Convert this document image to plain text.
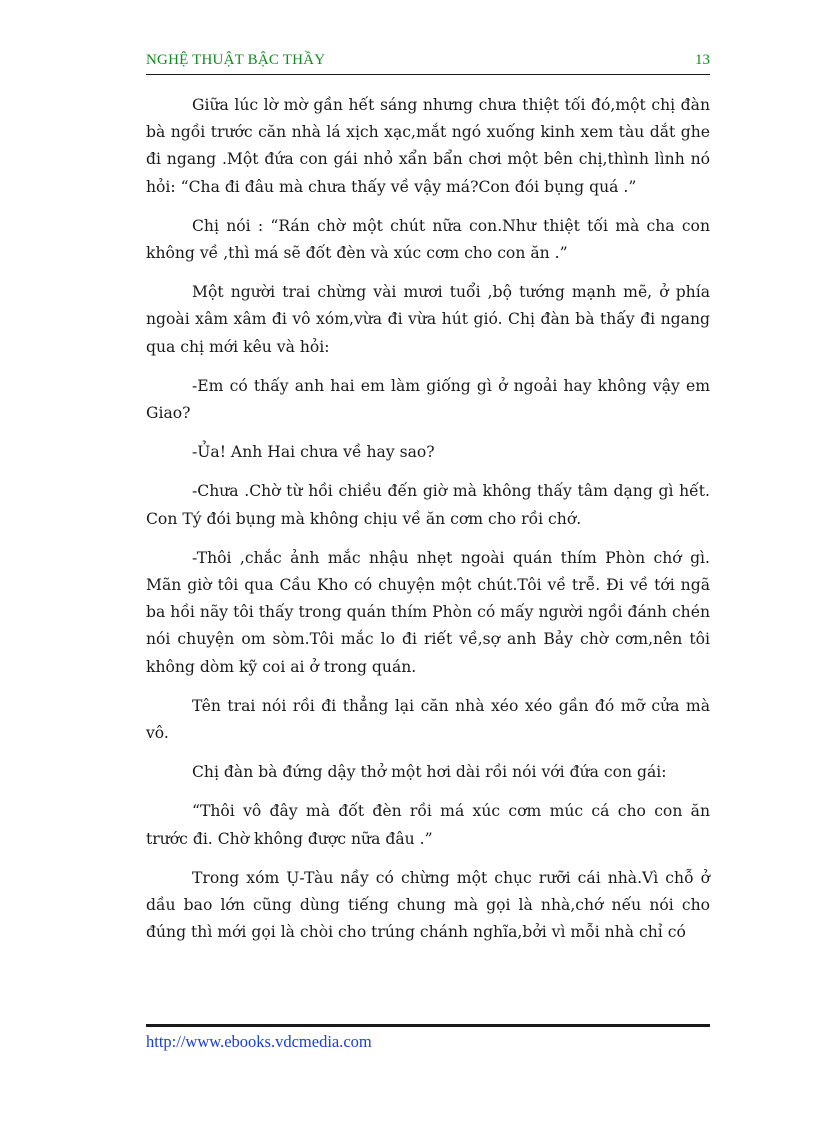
NGHỆ THUẬT BẬC THẦY	13

Giữa lúc lờ mờ gần hết sáng nhưng chưa thiệt tối đó,một chị đàn bà ngồi trước căn nhà lá xịch xạc,mắt ngó xuống kinh xem tàu dắt ghe đi ngang .Một đứa con gái nhỏ xẩn bẩn chơi một bên chị,thình lình nó hỏi: “Cha đi đâu mà chưa thấy về vậy má?Con đói bụng quá .”

Chị nói : “Rán chờ một chút nữa con.Như thiệt tối mà cha con không về ,thì má sẽ đốt đèn và xúc cơm cho con ăn .”

Một người trai chừng vài mươi tuổi ,bộ tướng mạnh mẽ, ở phía ngoài xâm xâm đi vô xóm,vừa đi vừa hút gió. Chị đàn bà thấy đi ngang qua chị mới kêu và hỏi:

-Em có thấy anh hai em làm giống gì ở ngoải hay không vậy em Giao?

-Ủa! Anh Hai chưa về hay sao?

-Chưa .Chờ từ hồi chiều đến giờ mà không thấy tâm dạng gì hết. Con Tý đói bụng mà không chịu về ăn cơm cho rồi chớ.

-Thôi ,chắc ảnh mắc nhậu nhẹt ngoài quán thím Phòn chớ gì. Mãn giờ tôi qua Cầu Kho có chuyện một chút.Tôi về trễ. Đi về tới ngã ba hồi nãy tôi thấy trong quán thím Phòn có mấy người ngồi đánh chén nói chuyện om sòm.Tôi mắc lo đi riết về,sợ anh Bảy chờ cơm,nên tôi không dòm kỹ coi ai ở trong quán.

Tên trai nói rồi đi thẳng lại căn nhà xéo xéo gần đó mỡ cửa mà vô.

Chị đàn bà đứng dậy thở một hơi dài rồi nói với đứa con gái:

“Thôi vô đây mà đốt đèn rồi má xúc cơm múc cá cho con ăn trước đi. Chờ không được nữa đâu .”

Trong xóm Ụ-Tàu nầy có chừng một chục rưỡi cái nhà.Vì chỗ ở dầu bao lớn cũng dùng tiếng chung mà gọi là nhà,chớ nếu nói cho đúng thì mới gọi là chòi cho trúng chánh nghĩa,bởi vì mỗi nhà chỉ có

http://www.ebooks.vdcmedia.com
